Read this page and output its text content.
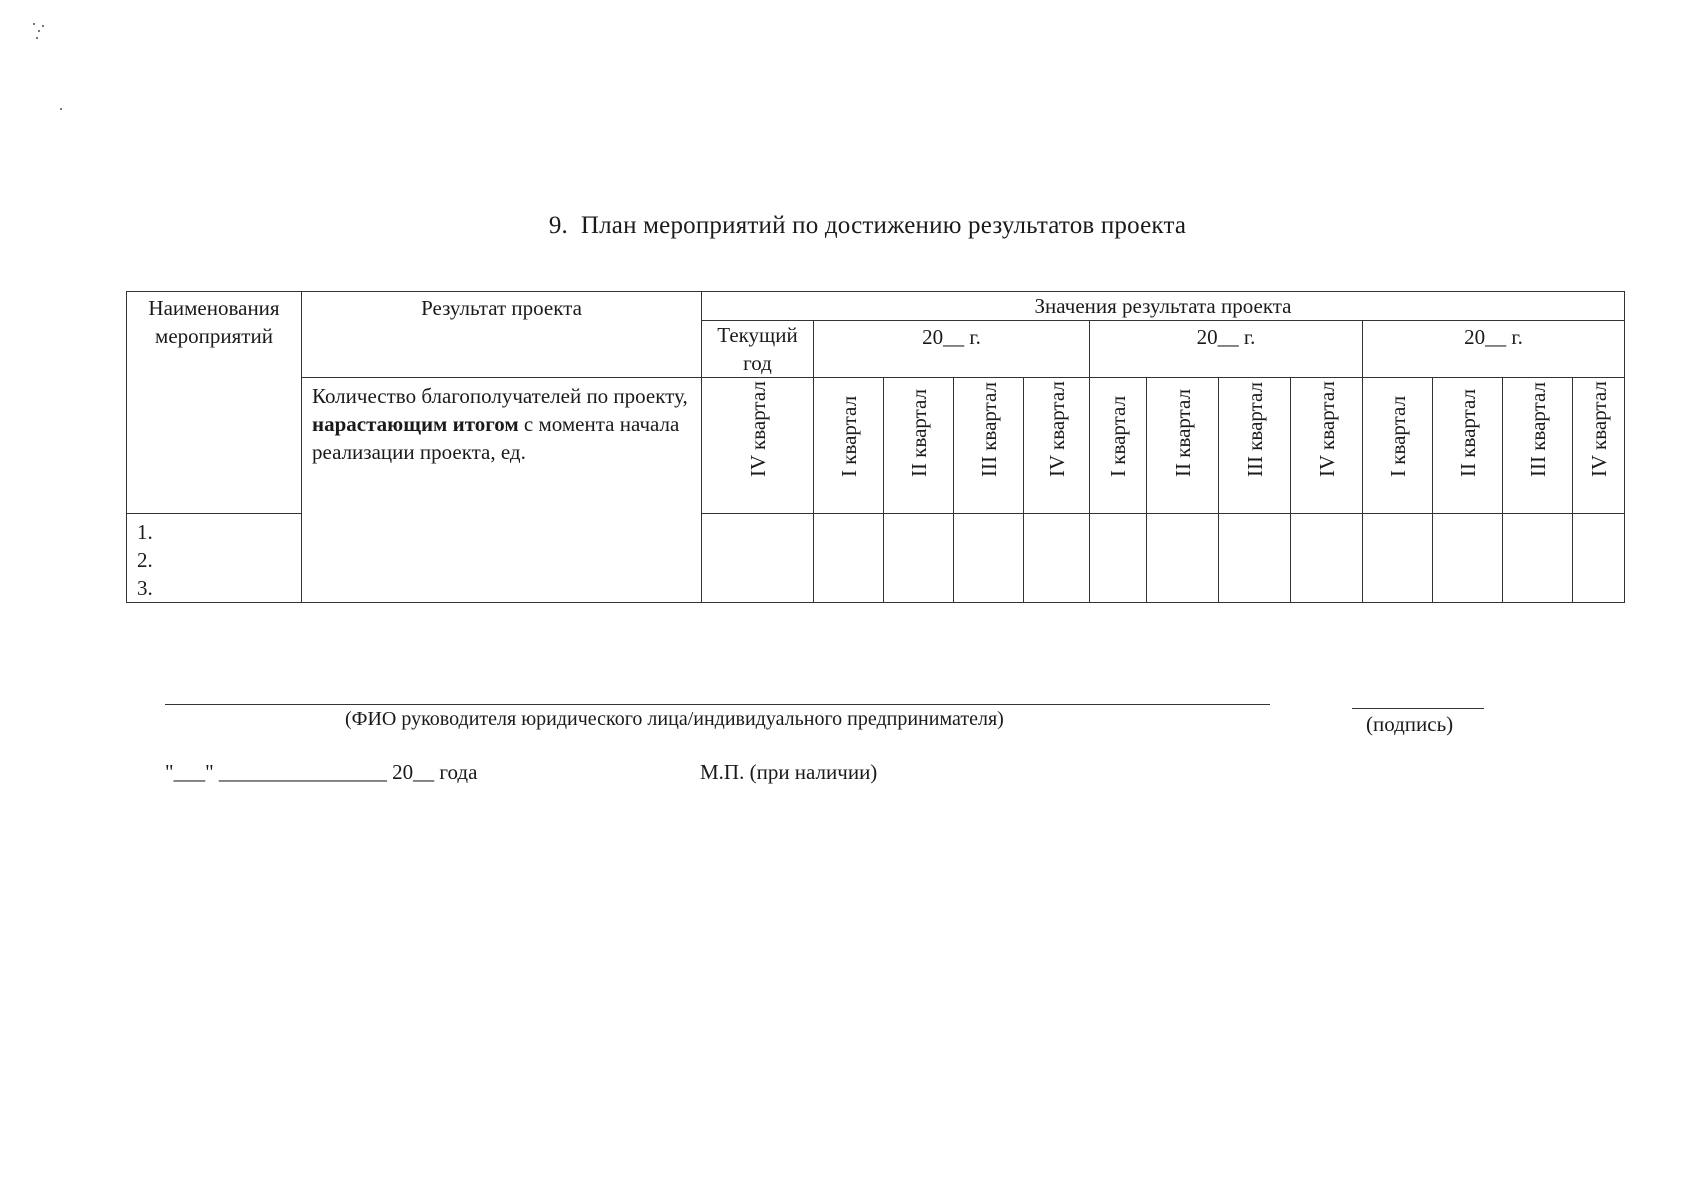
9.  План мероприятий по достижению результатов проекта
Наименования мероприятий	Результат проекта	Значения результата проекта												
		Текущий год	20__ г.				20__ г.				20__ г.			
	Количество благополучателей по проекту, нарастающим итогом с момента начала реализации проекта, ед.	IV квартал	I квартал	II квартал	III квартал	IV квартал	I квартал	II квартал	III квартал	IV квартал	I квартал	II квартал	III квартал	IV квартал

1.
2.
3.														

(ФИО руководителя юридического лица/индивидуального предпринимателя)	(подпись)
"___" ________________ 20__ года	М.П. (при наличии)
